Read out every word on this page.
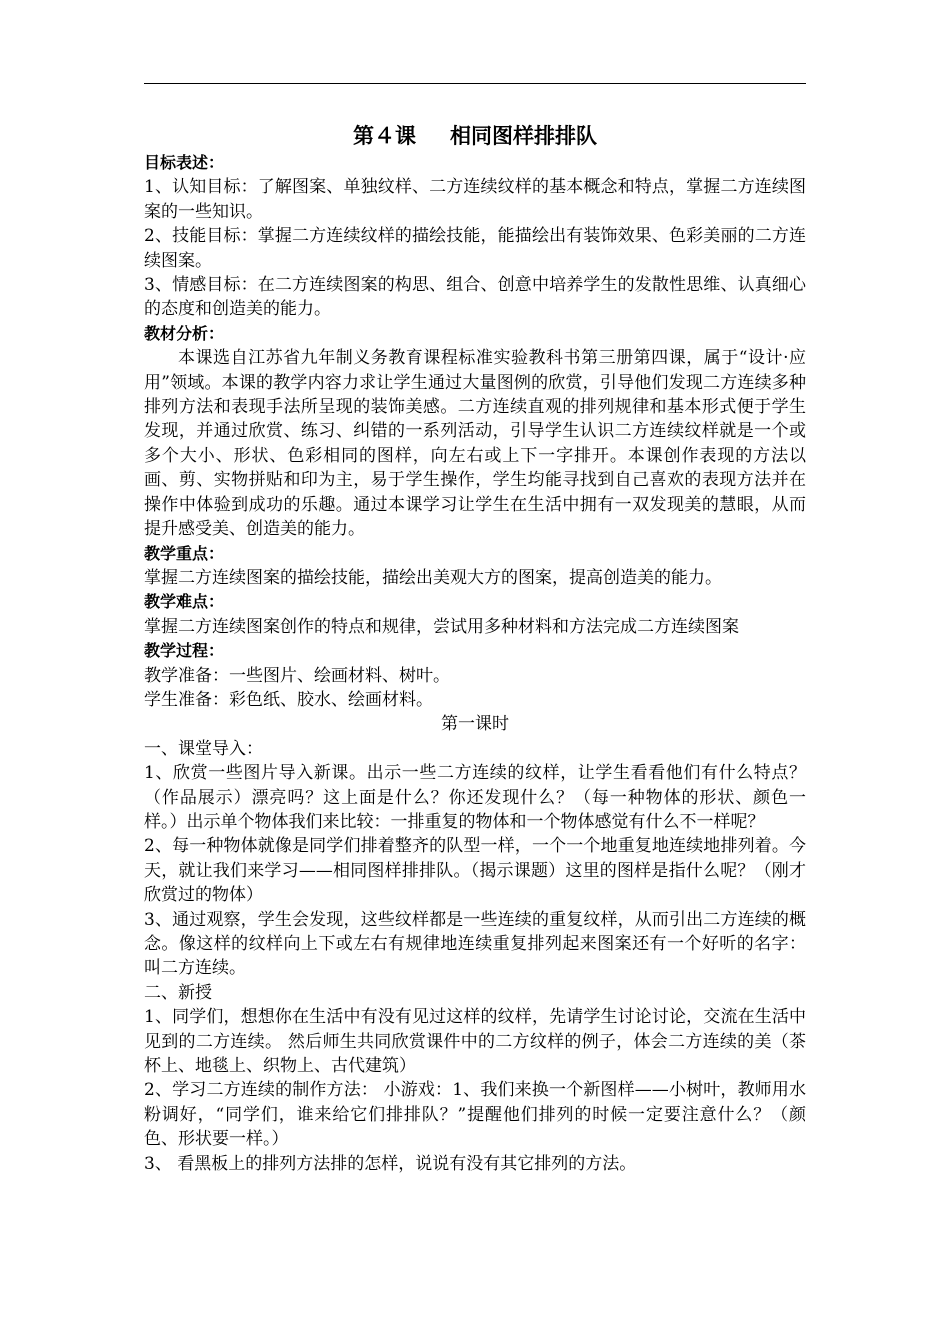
第４课 相同图样排排队
目标表述：
1、认知目标：了解图案、单独纹样、二方连续纹样的基本概念和特点，掌握二方连续图案的一些知识。
2、技能目标：掌握二方连续纹样的描绘技能，能描绘出有装饰效果、色彩美丽的二方连续图案。
3、情感目标：在二方连续图案的构思、组合、创意中培养学生的发散性思维、认真细心的态度和创造美的能力。
教材分析：
本课选自江苏省九年制义务教育课程标准实验教科书第三册第四课，属于“设计·应用”领域。本课的教学内容力求让学生通过大量图例的欣赏，引导他们发现二方连续多种排列方法和表现手法所呈现的装饰美感。二方连续直观的排列规律和基本形式便于学生发现，并通过欣赏、练习、纠错的一系列活动，引导学生认识二方连续纹样就是一个或多个大小、形状、色彩相同的图样，向左右或上下一字排开。本课创作表现的方法以画、剪、实物拼贴和印为主，易于学生操作，学生均能寻找到自己喜欢的表现方法并在操作中体验到成功的乐趣。通过本课学习让学生在生活中拥有一双发现美的慧眼，从而提升感受美、创造美的能力。
教学重点：
掌握二方连续图案的描绘技能，描绘出美观大方的图案，提高创造美的能力。
教学难点：
掌握二方连续图案创作的特点和规律，尝试用多种材料和方法完成二方连续图案
教学过程：
教学准备：一些图片、绘画材料、树叶。
学生准备：彩色纸、胶水、绘画材料。
第一课时
一、课堂导入：
1、欣赏一些图片导入新课。出示一些二方连续的纹样，让学生看看他们有什么特点？（作品展示）漂亮吗？这上面是什么？你还发现什么？（每一种物体的形状、颜色一样。）出示单个物体我们来比较：一排重复的物体和一个物体感觉有什么不一样呢？
2、每一种物体就像是同学们排着整齐的队型一样，一个一个地重复地连续地排列着。今天，就让我们来学习——相同图样排排队。（揭示课题）这里的图样是指什么呢？（刚才欣赏过的物体）
3、通过观察，学生会发现，这些纹样都是一些连续的重复纹样，从而引出二方连续的概念。像这样的纹样向上下或左右有规律地连续重复排列起来图案还有一个好听的名字：叫二方连续。
二、新授
1、同学们，想想你在生活中有没有见过这样的纹样，先请学生讨论讨论，交流在生活中见到的二方连续。 然后师生共同欣赏课件中的二方纹样的例子，体会二方连续的美（茶杯上、地毯上、织物上、古代建筑）
2、学习二方连续的制作方法： 小游戏：1、我们来换一个新图样——小树叶，教师用水粉调好，“同学们，谁来给它们排排队？”提醒他们排列的时候一定要注意什么？（颜色、形状要一样。）
3、 看黑板上的排列方法排的怎样，说说有没有其它排列的方法。
